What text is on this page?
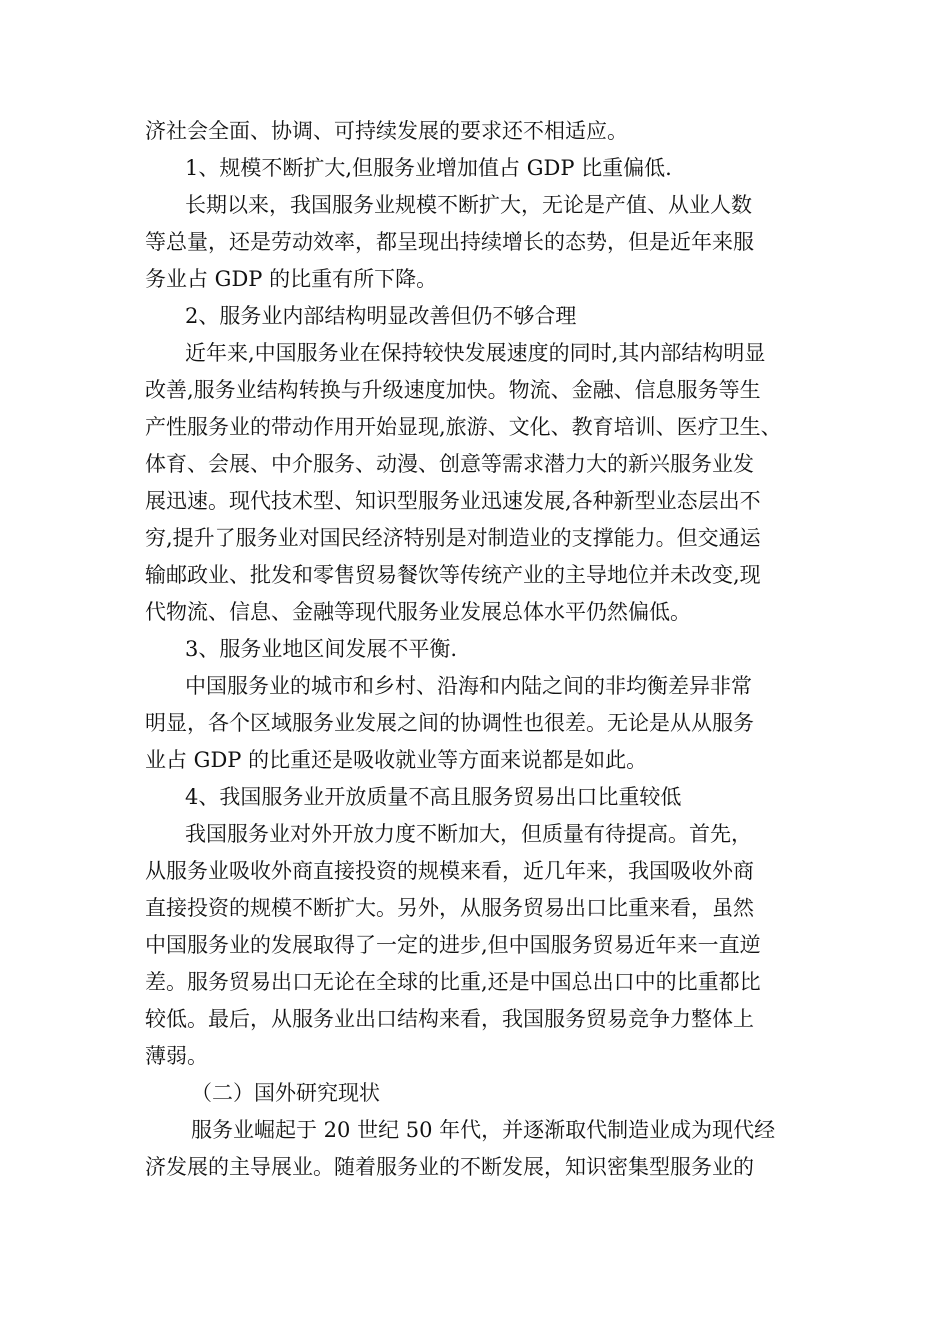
济社会全面、协调、可持续发展的要求还不相适应。
1、规模不断扩大,但服务业增加值占 GDP 比重偏低.
长期以来，我国服务业规模不断扩大，无论是产值、从业人数
等总量，还是劳动效率，都呈现出持续增长的态势，但是近年来服
务业占 GDP 的比重有所下降。
2、服务业内部结构明显改善但仍不够合理
近年来,中国服务业在保持较快发展速度的同时,其内部结构明显
改善,服务业结构转换与升级速度加快。物流、金融、信息服务等生
产性服务业的带动作用开始显现,旅游、文化、教育培训、医疗卫生、
体育、会展、中介服务、动漫、创意等需求潜力大的新兴服务业发
展迅速。现代技术型、知识型服务业迅速发展,各种新型业态层出不
穷,提升了服务业对国民经济特别是对制造业的支撑能力。但交通运
输邮政业、批发和零售贸易餐饮等传统产业的主导地位并未改变,现
代物流、信息、金融等现代服务业发展总体水平仍然偏低。
3、服务业地区间发展不平衡.
中国服务业的城市和乡村、沿海和内陆之间的非均衡差异非常
明显，各个区域服务业发展之间的协调性也很差。无论是从从服务
业占 GDP 的比重还是吸收就业等方面来说都是如此。
4、我国服务业开放质量不高且服务贸易出口比重较低
我国服务业对外开放力度不断加大，但质量有待提高。首先，
从服务业吸收外商直接投资的规模来看，近几年来，我国吸收外商
直接投资的规模不断扩大。另外，从服务贸易出口比重来看，虽然
中国服务业的发展取得了一定的进步,但中国服务贸易近年来一直逆
差。服务贸易出口无论在全球的比重,还是中国总出口中的比重都比
较低。最后，从服务业出口结构来看，我国服务贸易竞争力整体上
薄弱。
（二）国外研究现状
服务业崛起于 20 世纪 50 年代，并逐渐取代制造业成为现代经
济发展的主导展业。随着服务业的不断发展，知识密集型服务业的
